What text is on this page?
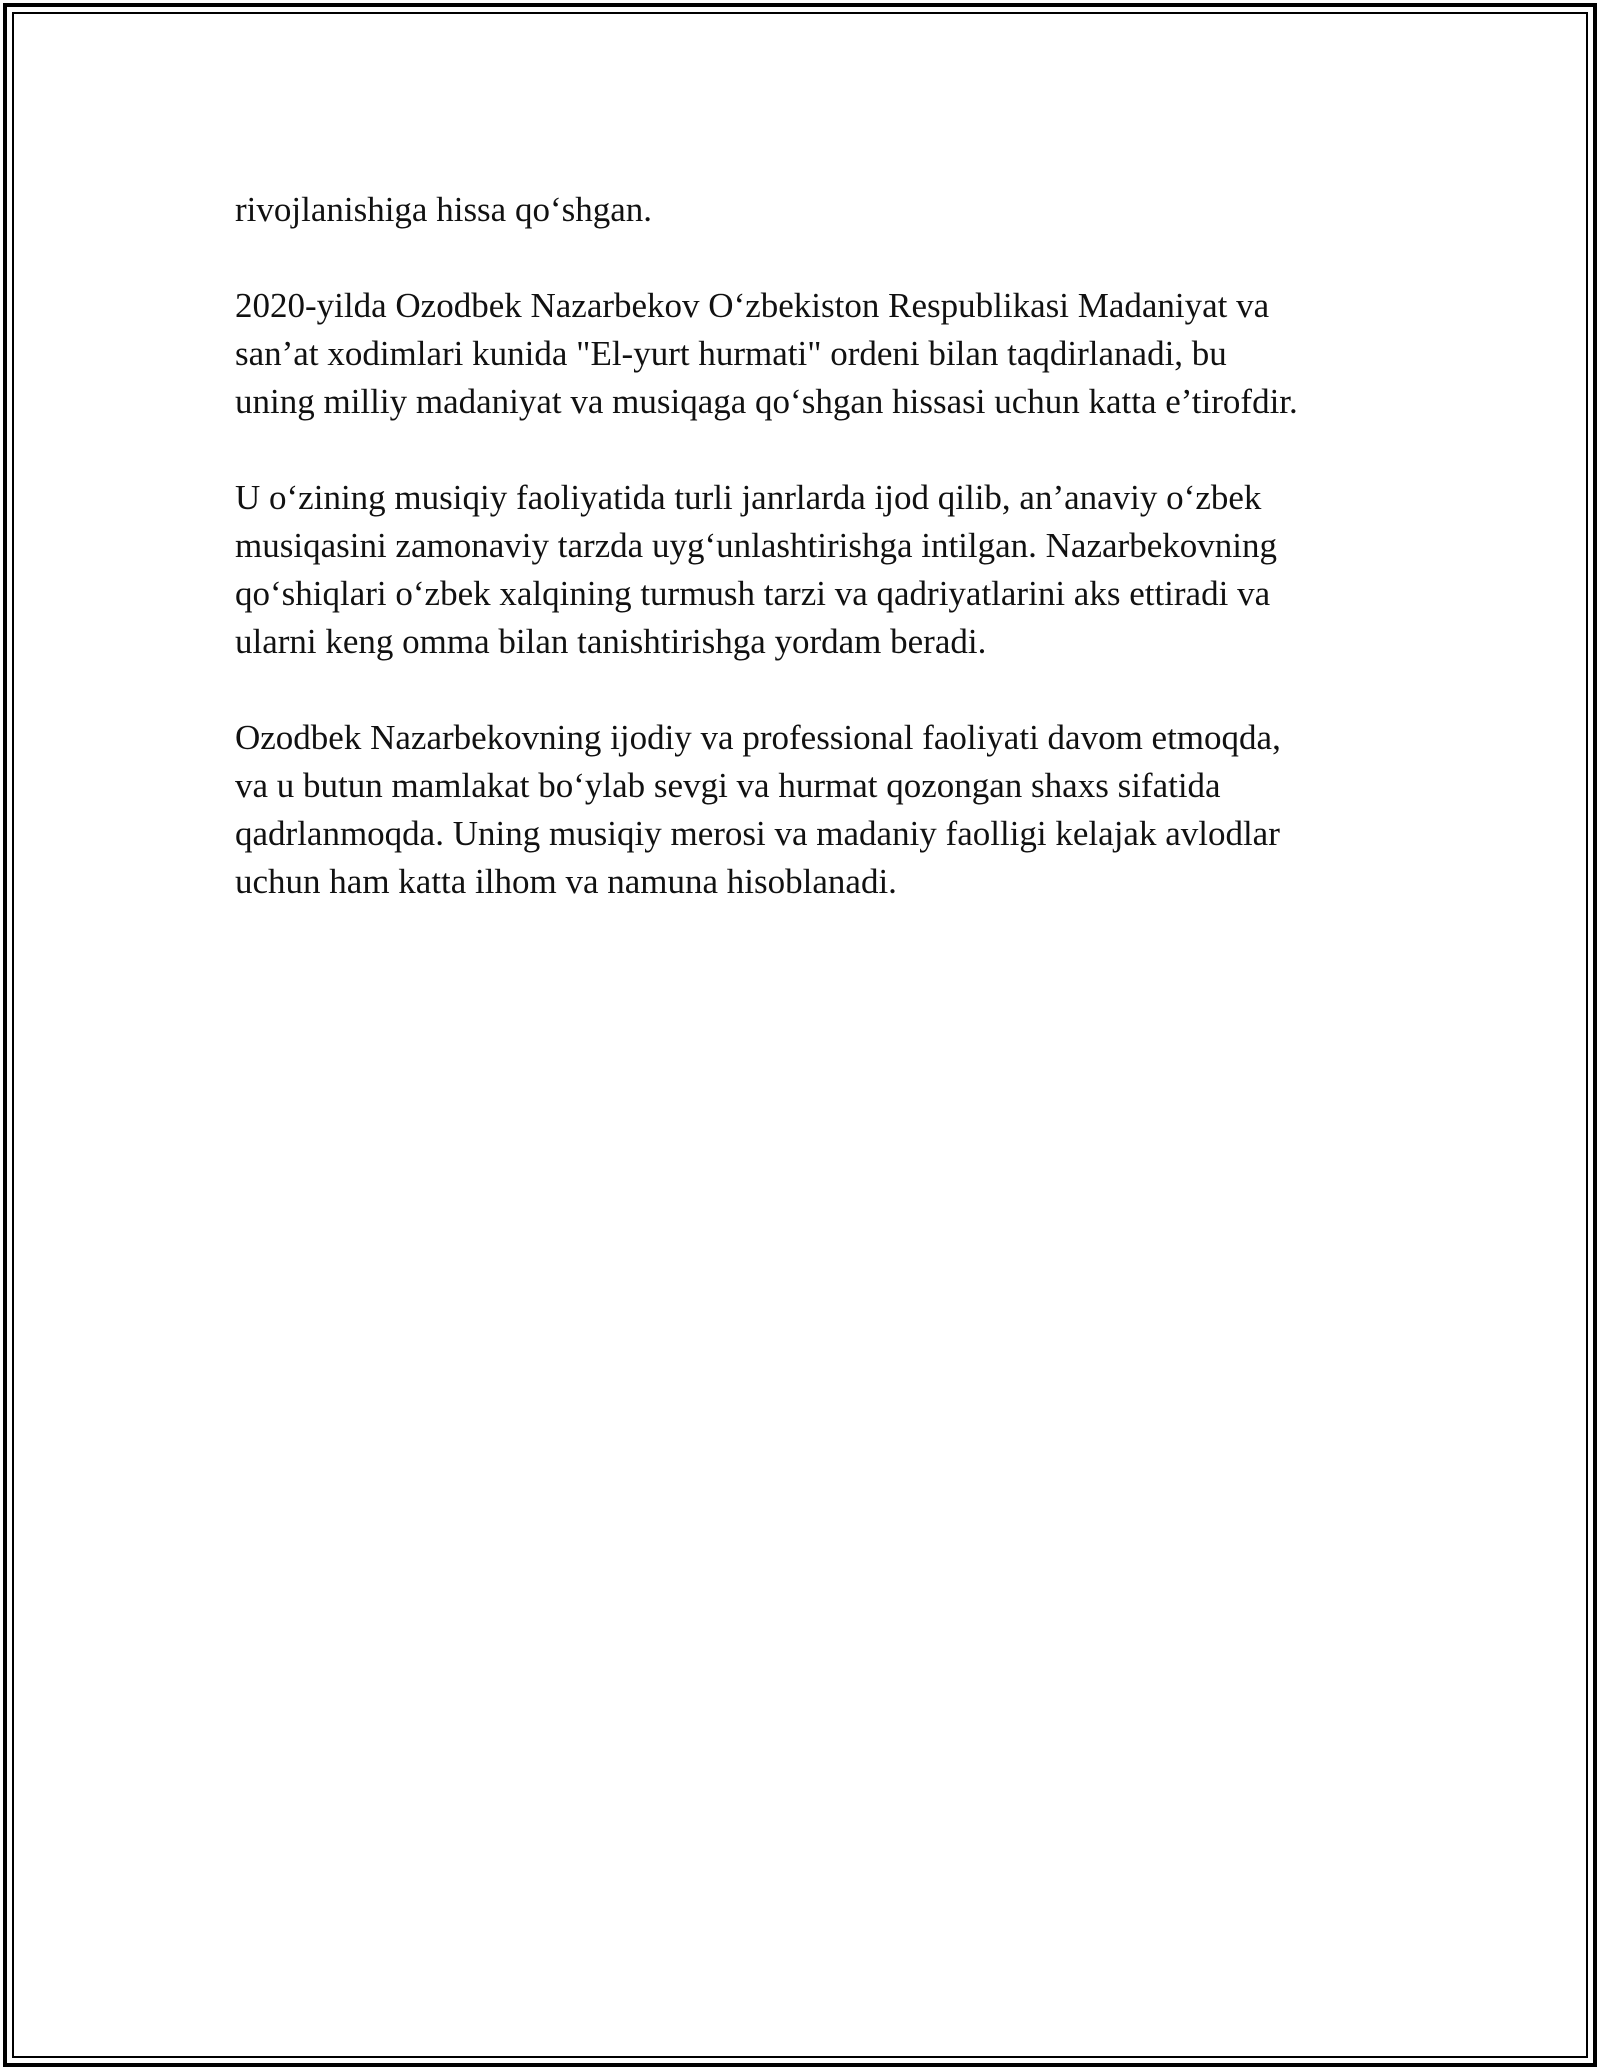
rivojlanishiga hissa qo‘shgan.

2020-yilda Ozodbek Nazarbekov O‘zbekiston Respublikasi Madaniyat va
san’at xodimlari kunida "El-yurt hurmati" ordeni bilan taqdirlanadi, bu
uning milliy madaniyat va musiqaga qo‘shgan hissasi uchun katta e’tirofdir.

U o‘zining musiqiy faoliyatida turli janrlarda ijod qilib, an’anaviy o‘zbek
musiqasini zamonaviy tarzda uyg‘unlashtirishga intilgan. Nazarbekovning
qo‘shiqlari o‘zbek xalqining turmush tarzi va qadriyatlarini aks ettiradi va
ularni keng omma bilan tanishtirishga yordam beradi.

Ozodbek Nazarbekovning ijodiy va professional faoliyati davom etmoqda,
va u butun mamlakat bo‘ylab sevgi va hurmat qozongan shaxs sifatida
qadrlanmoqda. Uning musiqiy merosi va madaniy faolligi kelajak avlodlar
uchun ham katta ilhom va namuna hisoblanadi.
